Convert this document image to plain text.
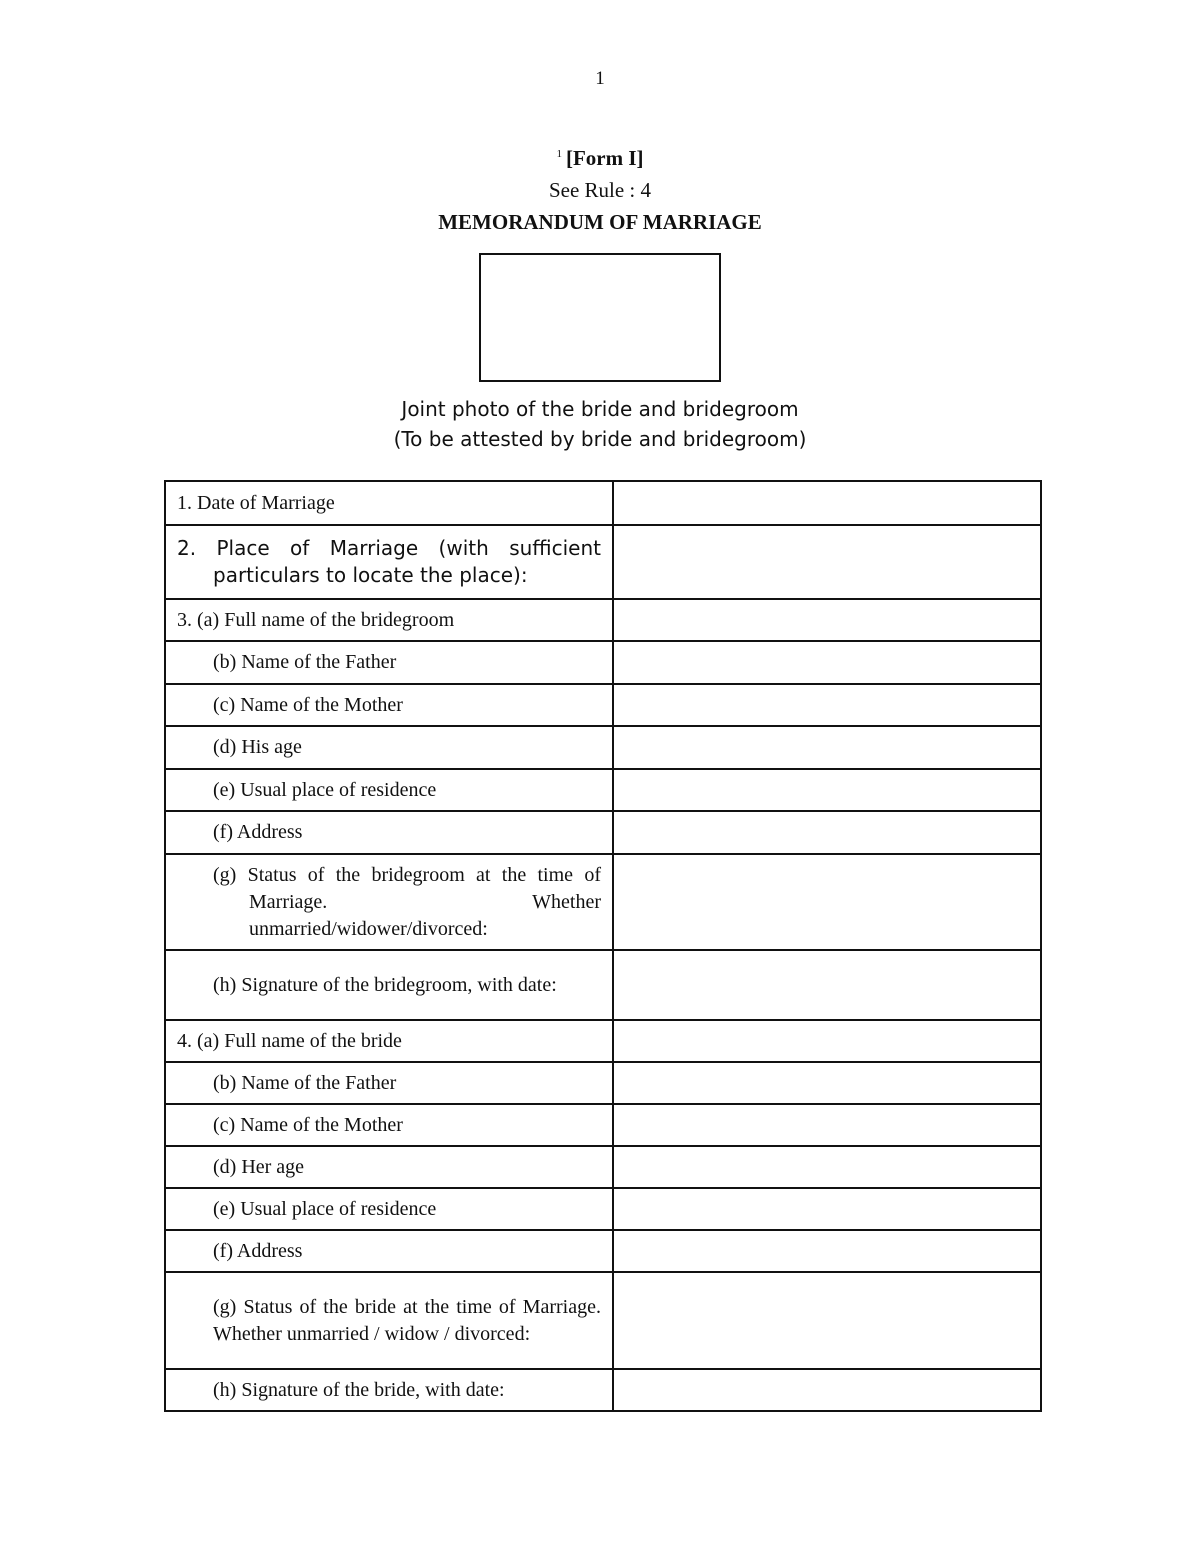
1
$^1$ [Form I]
See Rule : 4
MEMORANDUM OF MARRIAGE
Joint photo of the bride and bridegroom
(To be attested by bride and bridegroom)
1. Date of Marriage	

2. Place of Marriage (with sufficient particulars to locate the place):	

3. (a) Full name of the bridegroom	

(b) Name of the Father	

(c) Name of the Mother	

(d) His age	

(e) Usual place of residence	

(f) Address	

(g) Status of the bridegroom at the time of Marriage. Whether unmarried/widower/divorced:	

(h) Signature of the bridegroom, with date:	

4. (a) Full name of the bride	

(b) Name of the Father	

(c) Name of the Mother	

(d) Her age	

(e) Usual place of residence	

(f) Address	

(g) Status of the bride at the time of Marriage. Whether unmarried / widow / divorced:	

(h) Signature of the bride, with date:	
